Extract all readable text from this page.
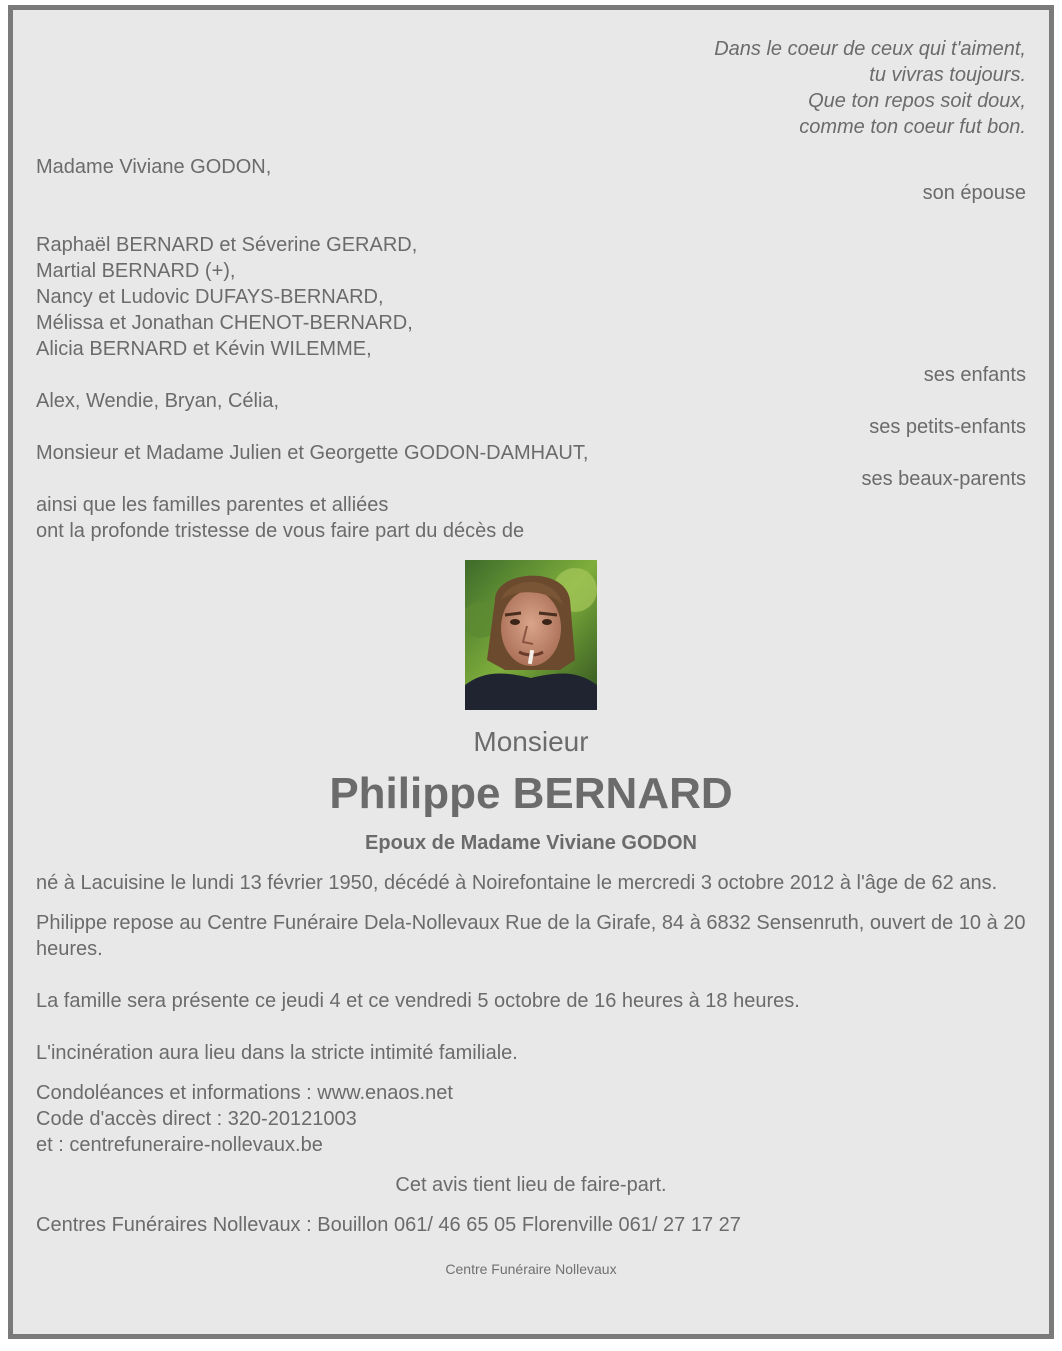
Dans le coeur de ceux qui t'aiment,
tu vivras toujours.
Que ton repos soit doux,
comme ton coeur fut bon.
Madame Viviane GODON,
son épouse
Raphaël BERNARD et Séverine GERARD,
Martial BERNARD (+),
Nancy et Ludovic DUFAYS-BERNARD,
Mélissa et Jonathan CHENOT-BERNARD,
Alicia BERNARD et Kévin WILEMME,
ses enfants
Alex, Wendie, Bryan, Célia,
ses petits-enfants
Monsieur et Madame Julien et Georgette GODON-DAMHAUT,
ses beaux-parents
ainsi que les familles parentes et alliées
ont la profonde tristesse de vous faire part du décès de
Monsieur
Philippe BERNARD
Epoux de Madame Viviane GODON
né à Lacuisine le lundi 13 février 1950, décédé à Noirefontaine le mercredi 3 octobre 2012 à l'âge de 62 ans.
Philippe repose au Centre Funéraire Dela-Nollevaux Rue de la Girafe, 84 à 6832 Sensenruth, ouvert de 10 à 20 heures.
La famille sera présente ce jeudi 4 et ce vendredi 5 octobre de 16 heures à 18 heures.
L'incinération aura lieu dans la stricte intimité familiale.
Condoléances et informations : www.enaos.net
Code d'accès direct : 320-20121003
et : centrefuneraire-nollevaux.be
Cet avis tient lieu de faire-part.
Centres Funéraires Nollevaux : Bouillon 061/ 46 65 05 Florenville 061/ 27 17 27
Centre Funéraire Nollevaux
